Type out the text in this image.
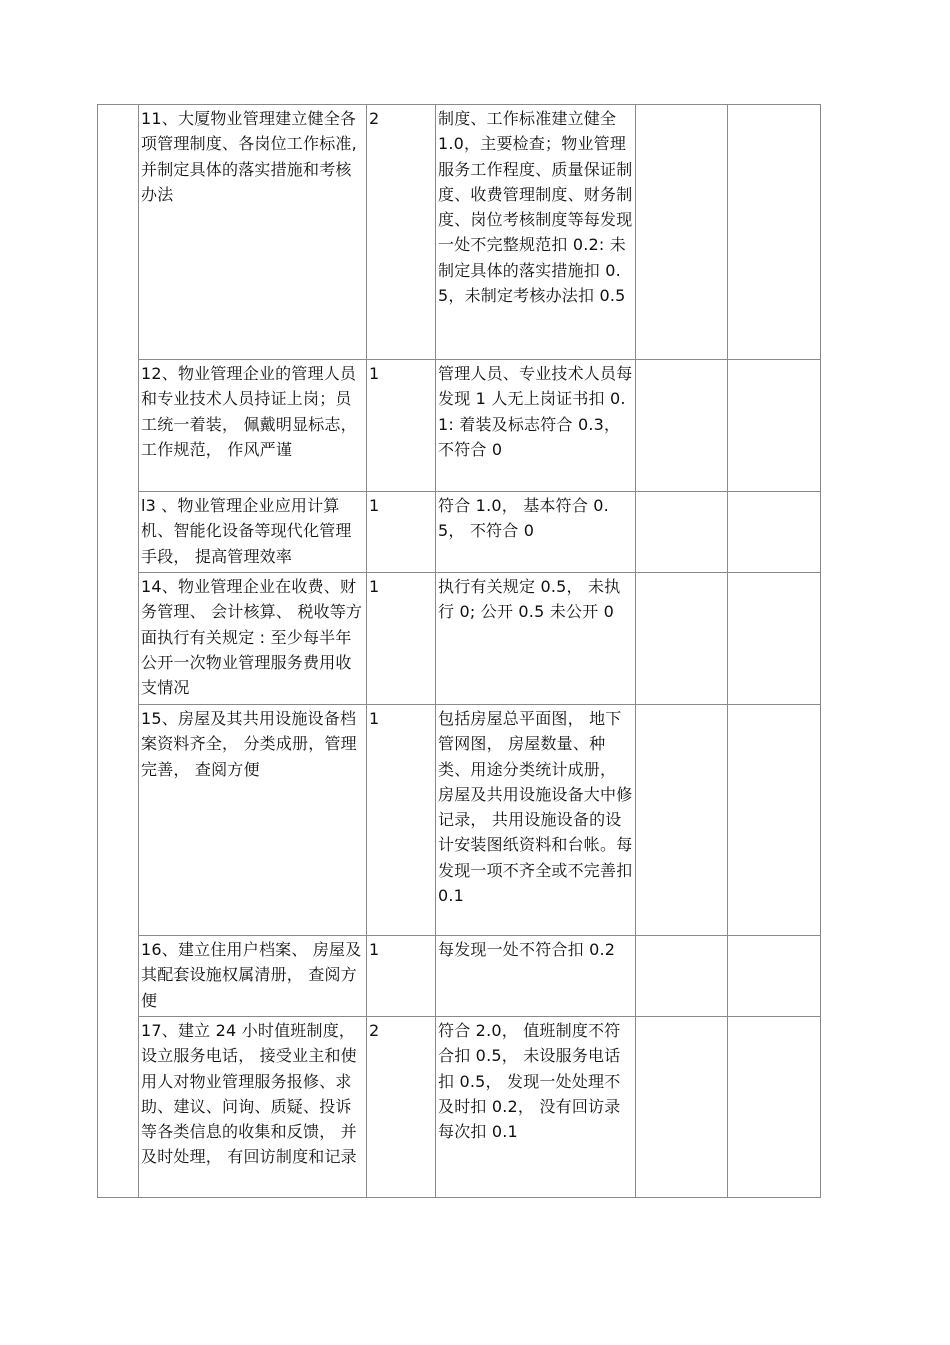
	11、大厦物业管理建立健全各项管理制度、各岗位工作标准, 并制定具体的落实措施和考核办法	2	制度、工作标准建立健全 1.0，主要检查；物业管理服务工作程度、质量保证制度、收费管理制度、财务制度、岗位考核制度等每发现一处不完整规范扣 0.2: 未制定具体的落实措施扣 0.5，未制定考核办法扣 0.5		
	12、物业管理企业的管理人员和专业技术人员持证上岗；员工统一着装， 佩戴明显标志， 工作规范， 作风严谨	1	管理人员、专业技术人员每发现 1 人无上岗证书扣 0.1: 着装及标志符合 0.3， 不符合 0		
	l3 、物业管理企业应用计算机、智能化设备等现代化管理手段， 提高管理效率	1	符合 1.0， 基本符合 0.5， 不符合 0		
	14、物业管理企业在收费、财务管理、 会计核算、 税收等方面执行有关规定 : 至少每半年公开一次物业管理服务费用收支情况	1	执行有关规定 0.5， 未执行 0; 公开 0.5 未公开 0		
	15、房屋及其共用设施设备档案资料齐全， 分类成册，管理完善， 查阅方便	1	包括房屋总平面图， 地下管网图， 房屋数量、种类、用途分类统计成册， 房屋及共用设施设备大中修记录， 共用设施设备的设计安装图纸资料和台帐。每发现一项不齐全或不完善扣 0.1		
	16、建立住用户档案、 房屋及其配套设施权属清册， 查阅方便	1	每发现一处不符合扣 0.2		
	17、建立 24 小时值班制度，设立服务电话， 接受业主和使用人对物业管理服务报修、求助、建议、问询、质疑、投诉等各类信息的收集和反馈， 并及时处理， 有回访制度和记录	2	符合 2.0， 值班制度不符合扣 0.5， 未设服务电话扣 0.5， 发现一处处理不及时扣 0.2， 没有回访录每次扣 0.1		
